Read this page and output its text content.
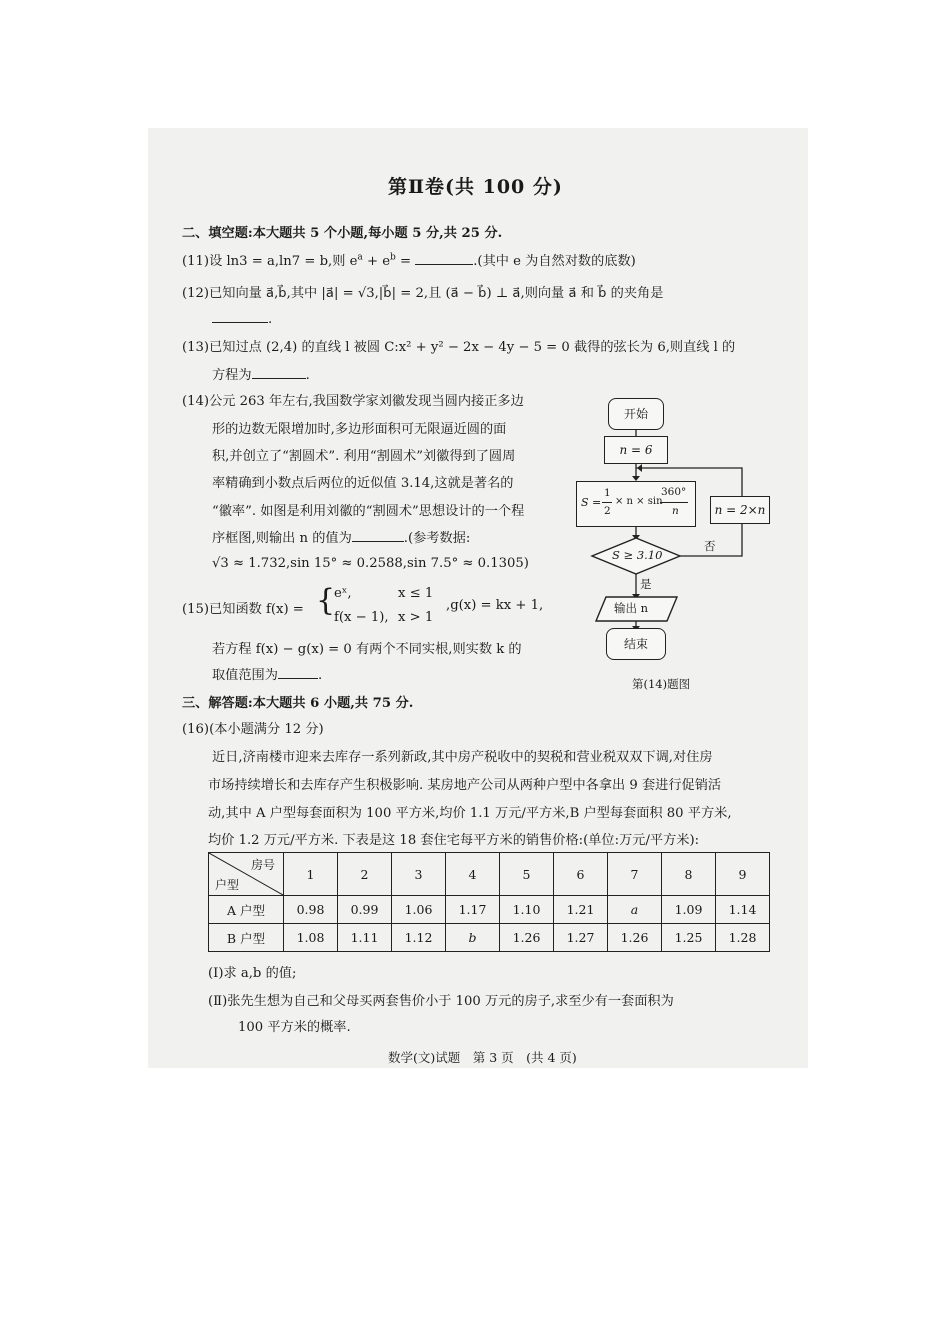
第Ⅱ卷(共 100 分)
二、填空题:本大题共 5 个小题,每小题 5 分,共 25 分.
(11)设 ln3 = a,ln7 = b,则 $e^a + e^b$ =	.(其中 e 为自然对数的底数)
(12)已知向量 a⃗,b⃗,其中 |a⃗| = √3,|b⃗| = 2,且 (a⃗ − b⃗) ⊥ a⃗,则向量 a⃗ 和 b⃗ 的夹角是
.
(13)已知过点 (2,4) 的直线 l 被圆 C:x² + y² − 2x − 4y − 5 = 0 截得的弦长为 6,则直线 l 的
方程为	.
(14)公元 263 年左右,我国数学家刘徽发现当圆内接正多边
形的边数无限增加时,多边形面积可无限逼近圆的面
积,并创立了“割圆术”. 利用“割圆术”刘徽得到了圆周
率精确到小数点后两位的近似值 3.14,这就是著名的
“徽率”. 如图是利用刘徽的“割圆术”思想设计的一个程
序框图,则输出 n 的值为	.(参考数据:
√3 ≈ 1.732,sin 15° ≈ 0.2588,sin 7.5° ≈ 0.1305)
(15)已知函数 f(x) = {
eˣ,	x ≤ 1
f(x − 1), x > 1
,g(x) = kx + 1,
若方程 f(x) − g(x) = 0 有两个不同实根,则实数 k 的
取值范围为	.
开始
n = 6
S =
1
2
× n × sin
360°
n	n = 2×n
S ≥ 3.10
否
是
输出 n
结束
第(14)题图
三、解答题:本大题共 6 小题,共 75 分.
(16)(本小题满分 12 分)
近日,济南楼市迎来去库存一系列新政,其中房产税收中的契税和营业税双双下调,对住房
市场持续增长和去库存产生积极影响. 某房地产公司从两种户型中各拿出 9 套进行促销活
动,其中 A 户型每套面积为 100 平方米,均价 1.1 万元/平方米,B 户型每套面积 80 平方米,
均价 1.2 万元/平方米. 下表是这 18 套住宅每平方米的销售价格:(单位:万元/平方米):
房号
户型	1	2	3	4	5	6	7	8	9
A 户型	0.98	0.99	1.06	1.17	1.10	1.21	a	1.09	1.14
B 户型	1.08	1.11	1.12	b	1.26	1.27	1.26	1.25	1.28
(Ⅰ)求 a,b 的值;
(Ⅱ)张先生想为自己和父母买两套售价小于 100 万元的房子,求至少有一套面积为
100 平方米的概率.
数学(文)试题　第 3 页　(共 4 页)
